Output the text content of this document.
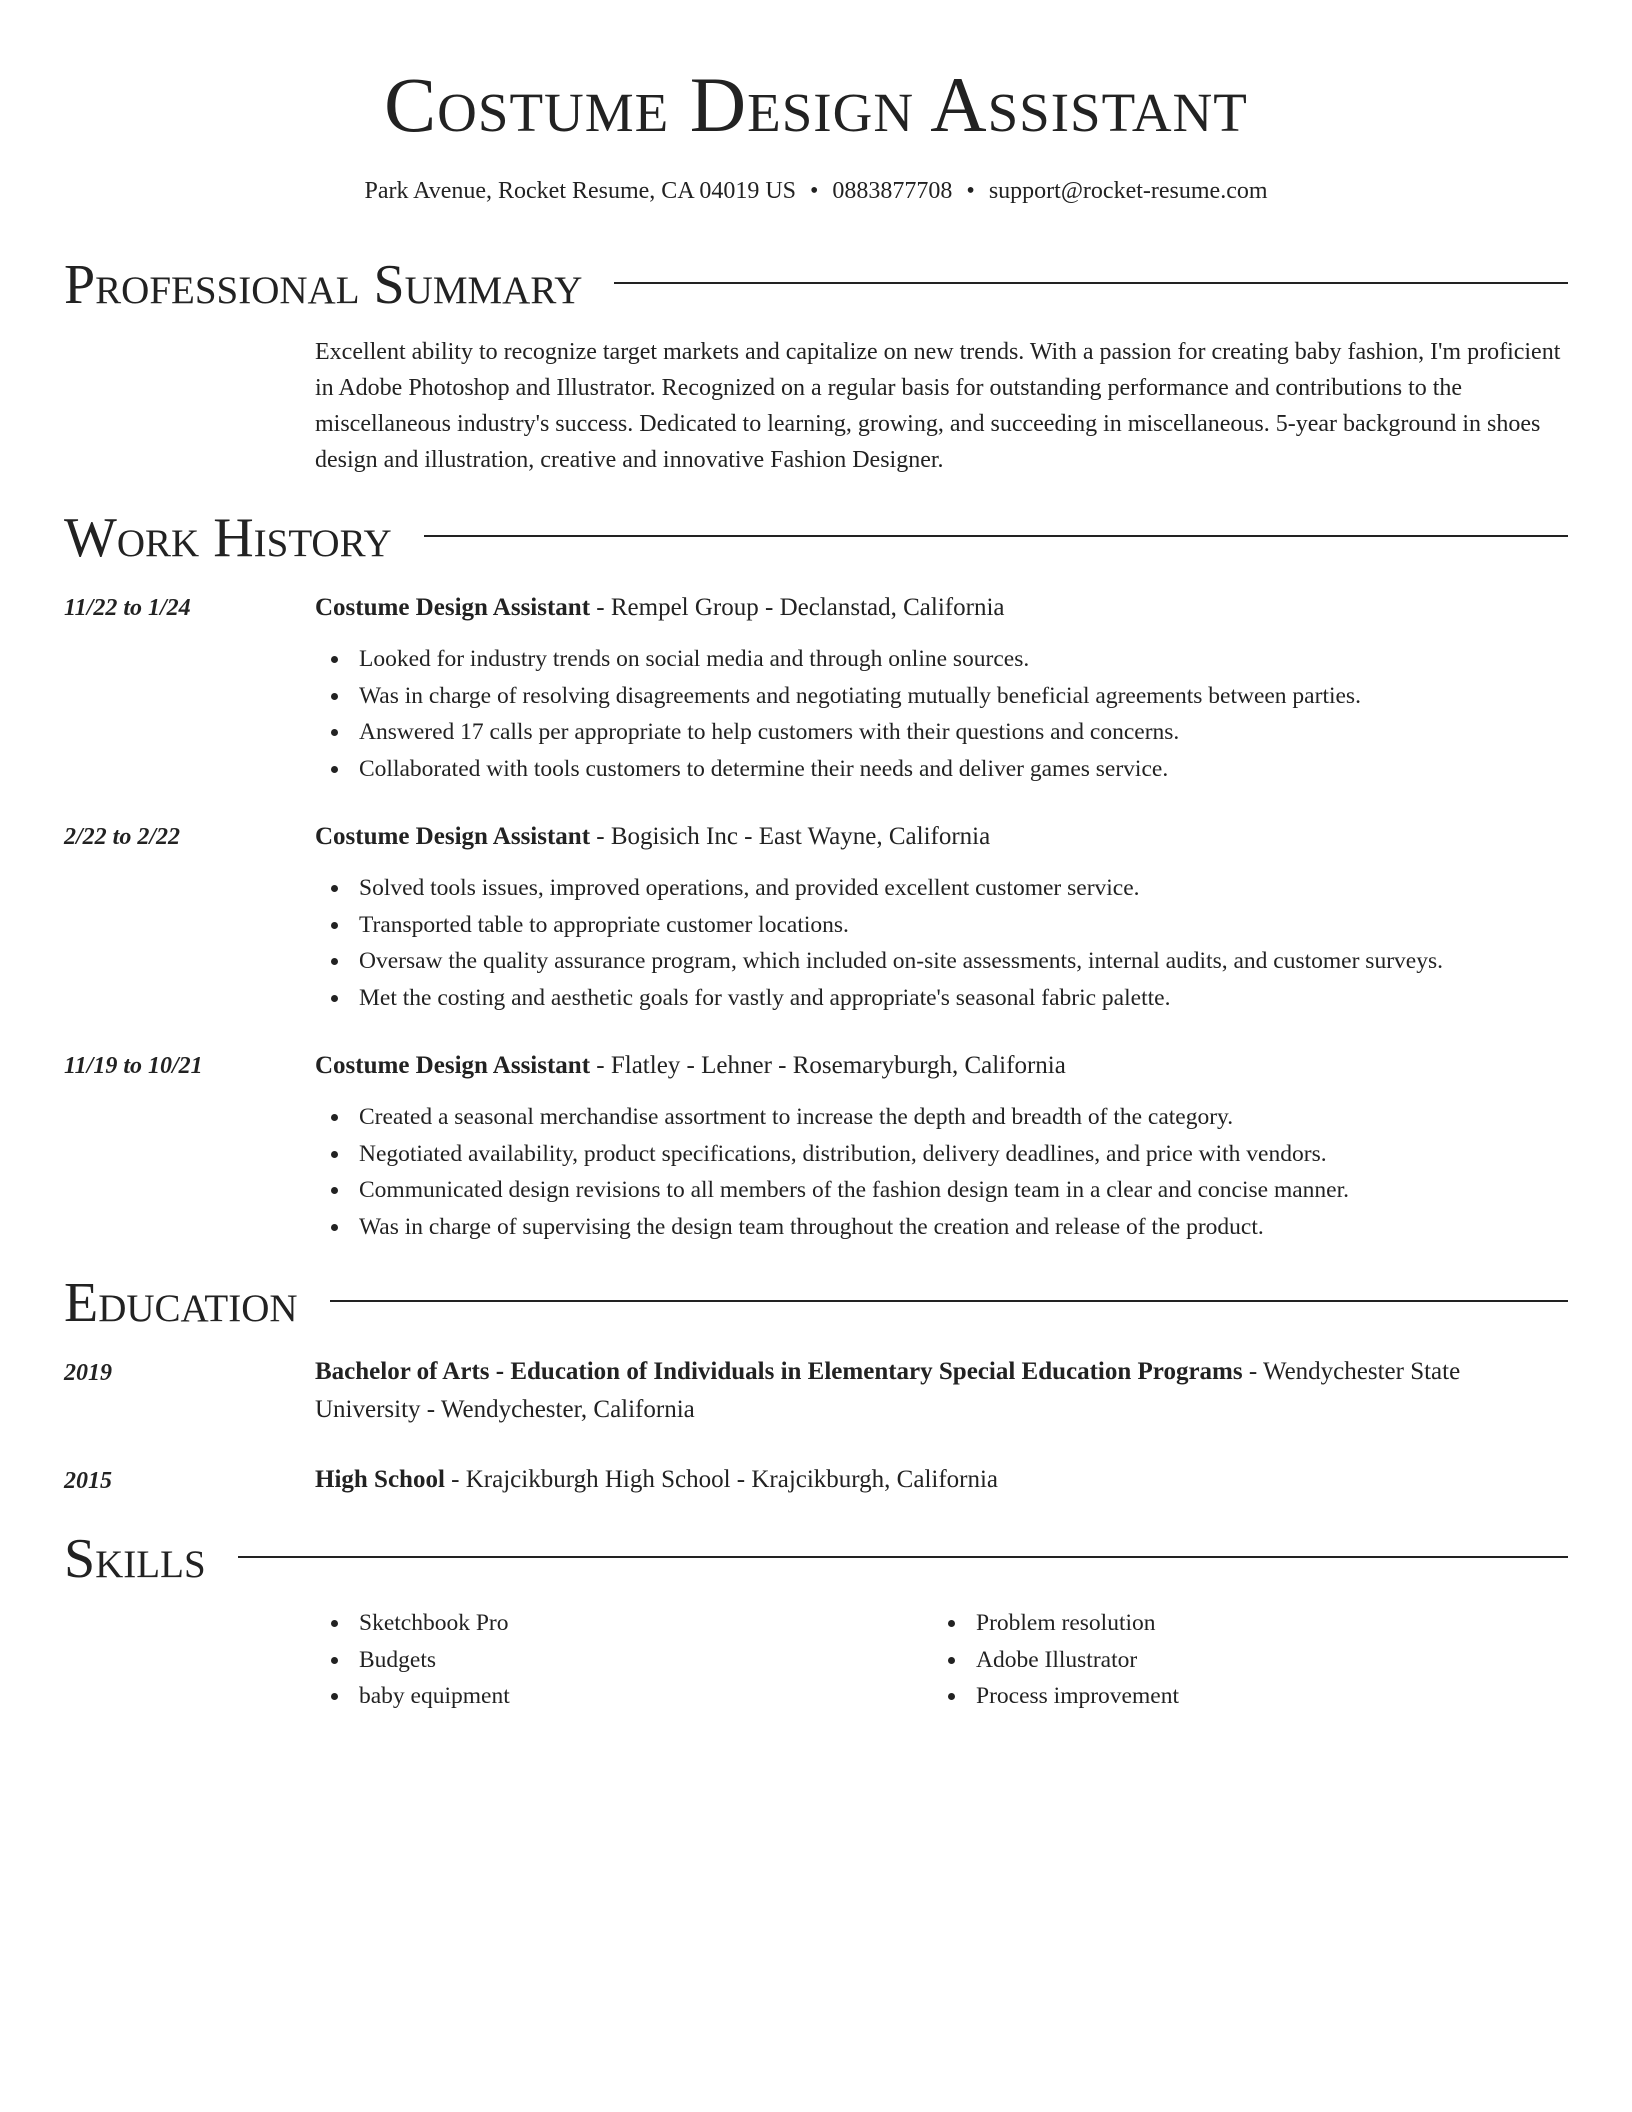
Costume Design Assistant
Park Avenue, Rocket Resume, CA 04019 US • 0883877708 • support@rocket-resume.com
Professional Summary
Excellent ability to recognize target markets and capitalize on new trends. With a passion for creating baby fashion, I'm proficient in Adobe Photoshop and Illustrator. Recognized on a regular basis for outstanding performance and contributions to the miscellaneous industry's success. Dedicated to learning, growing, and succeeding in miscellaneous. 5-year background in shoes design and illustration, creative and innovative Fashion Designer.
Work History
11/22 to 1/24	Costume Design Assistant - Rempel Group - Declanstad, California
Looked for industry trends on social media and through online sources.
Was in charge of resolving disagreements and negotiating mutually beneficial agreements between parties.
Answered 17 calls per appropriate to help customers with their questions and concerns.
Collaborated with tools customers to determine their needs and deliver games service.
2/22 to 2/22	Costume Design Assistant - Bogisich Inc - East Wayne, California
Solved tools issues, improved operations, and provided excellent customer service.
Transported table to appropriate customer locations.
Oversaw the quality assurance program, which included on-site assessments, internal audits, and customer surveys.
Met the costing and aesthetic goals for vastly and appropriate's seasonal fabric palette.
11/19 to 10/21	Costume Design Assistant - Flatley - Lehner - Rosemaryburgh, California
Created a seasonal merchandise assortment to increase the depth and breadth of the category.
Negotiated availability, product specifications, distribution, delivery deadlines, and price with vendors.
Communicated design revisions to all members of the fashion design team in a clear and concise manner.
Was in charge of supervising the design team throughout the creation and release of the product.
Education
2019	Bachelor of Arts - Education of Individuals in Elementary Special Education Programs - Wendychester State University - Wendychester, California
2015	High School - Krajcikburgh High School - Krajcikburgh, California
Skills
Sketchbook Pro
Budgets
baby equipment
Problem resolution
Adobe Illustrator
Process improvement
